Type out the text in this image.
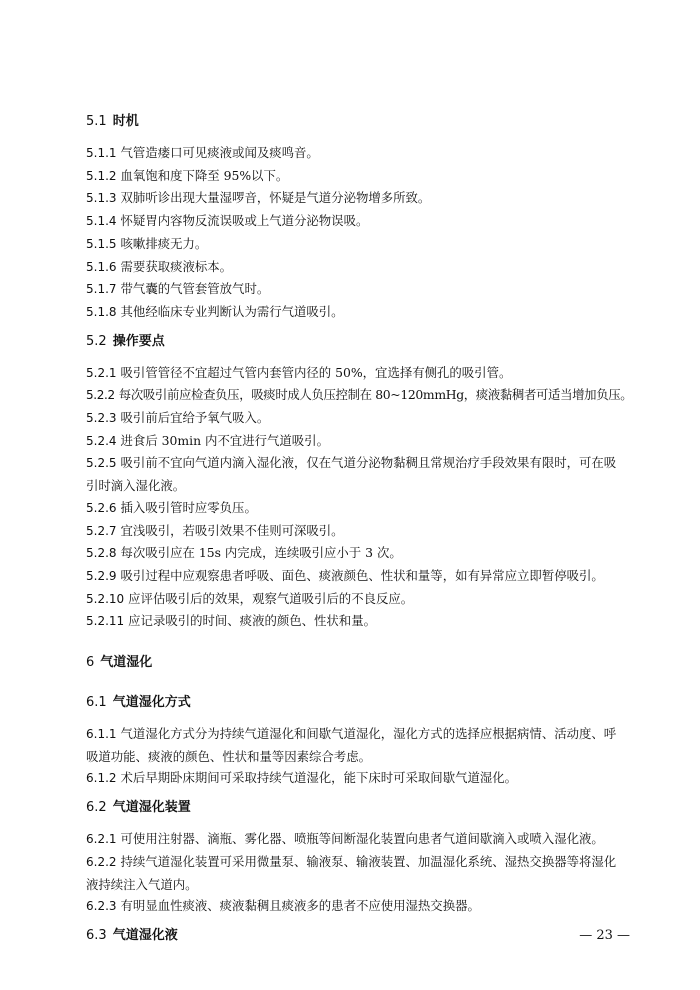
5.1 时机

5.1.1 气管造瘘口可见痰液或闻及痰鸣音。

5.1.2 血氧饱和度下降至 95%以下。

5.1.3 双肺听诊出现大量湿啰音，怀疑是气道分泌物增多所致。

5.1.4 怀疑胃内容物反流误吸或上气道分泌物误吸。

5.1.5 咳嗽排痰无力。

5.1.6 需要获取痰液标本。

5.1.7 带气囊的气管套管放气时。

5.1.8 其他经临床专业判断认为需行气道吸引。

5.2 操作要点

5.2.1 吸引管管径不宜超过气管内套管内径的 50%，宜选择有侧孔的吸引管。

5.2.2 每次吸引前应检查负压，吸痰时成人负压控制在 80~120mmHg，痰液黏稠者可适当增加负压。

5.2.3 吸引前后宜给予氧气吸入。

5.2.4 进食后 30min 内不宜进行气道吸引。

5.2.5 吸引前不宜向气道内滴入湿化液，仅在气道分泌物黏稠且常规治疗手段效果有限时，可在吸

引时滴入湿化液。

5.2.6 插入吸引管时应零负压。

5.2.7 宜浅吸引，若吸引效果不佳则可深吸引。

5.2.8 每次吸引应在 15s 内完成，连续吸引应小于 3 次。

5.2.9 吸引过程中应观察患者呼吸、面色、痰液颜色、性状和量等，如有异常应立即暂停吸引。

5.2.10 应评估吸引后的效果，观察气道吸引后的不良反应。

5.2.11 应记录吸引的时间、痰液的颜色、性状和量。

6 气道湿化
6.1 气道湿化方式

6.1.1 气道湿化方式分为持续气道湿化和间歇气道湿化，湿化方式的选择应根据病情、活动度、呼

吸道功能、痰液的颜色、性状和量等因素综合考虑。

6.1.2 术后早期卧床期间可采取持续气道湿化，能下床时可采取间歇气道湿化。

6.2 气道湿化装置

6.2.1 可使用注射器、滴瓶、雾化器、喷瓶等间断湿化装置向患者气道间歇滴入或喷入湿化液。

6.2.2 持续气道湿化装置可采用微量泵、输液泵、输液装置、加温湿化系统、湿热交换器等将湿化

液持续注入气道内。

6.2.3 有明显血性痰液、痰液黏稠且痰液多的患者不应使用湿热交换器。

6.3 气道湿化液	— 23 —
